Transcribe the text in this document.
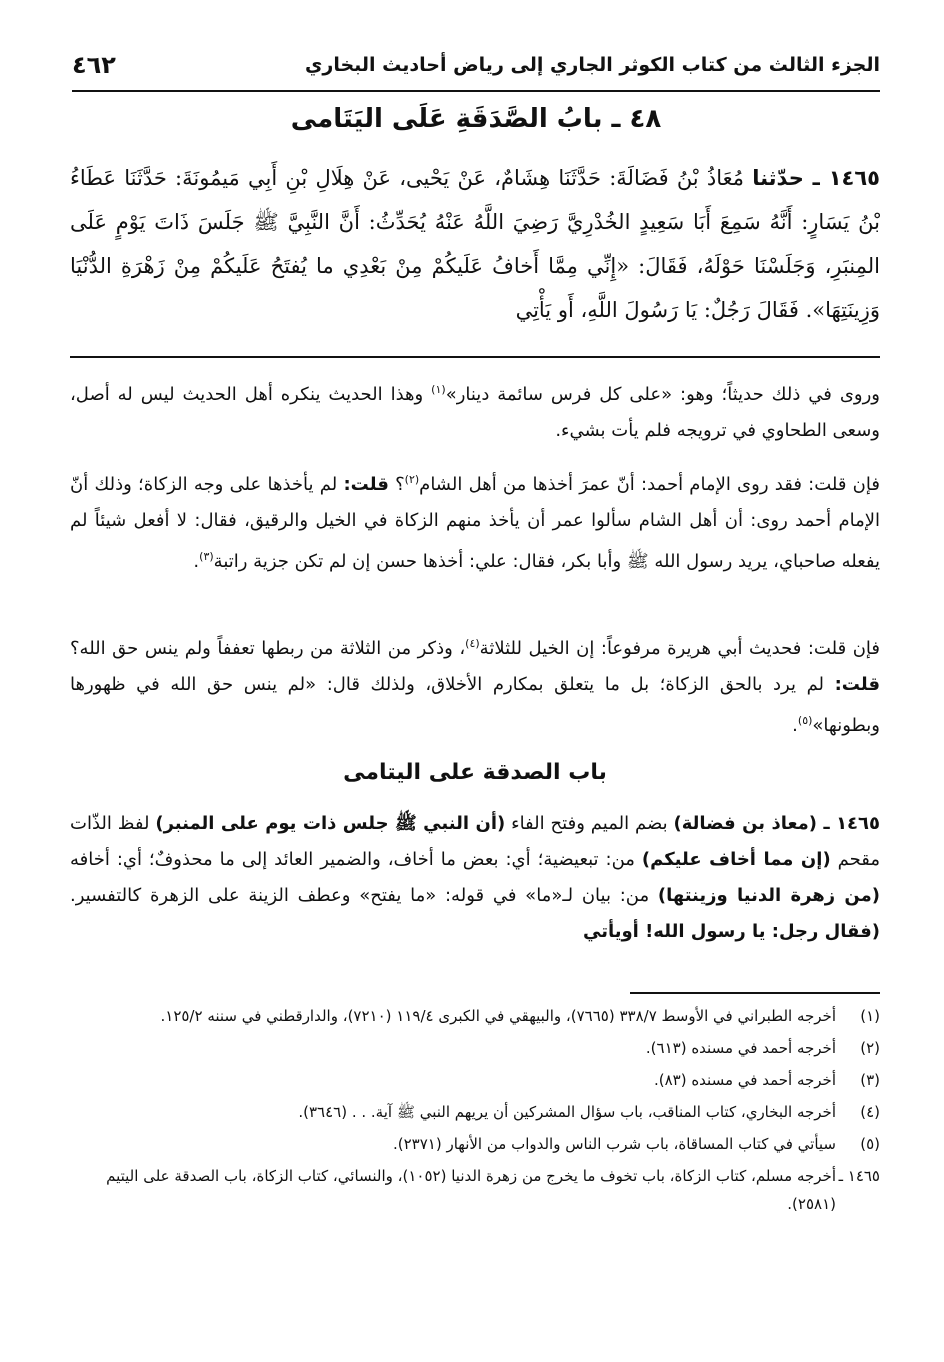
الجزء الثالث من كتاب الكوثر الجاري إلى رياض أحاديث البخاري
٤٦٢
٤٨ ـ بابُ الصَّدَقَةِ عَلَى اليَتَامى
١٤٦٥ ـ حدّثنا مُعَاذُ بْنُ فَضَالَةَ: حَدَّثَنَا هِشَامٌ، عَنْ يَحْيى، عَنْ هِلَالِ بْنِ أَبِي مَيمُونَةَ: حَدَّثَنَا عَطَاءُ بْنُ يَسَارٍ: أَنَّهُ سَمِعَ أَبَا سَعِيدٍ الخُدْرِيَّ رَضِيَ اللَّهُ عَنْهُ يُحَدِّثُ: أَنَّ النَّبِيَّ ﷺ جَلَسَ ذَاتَ يَوْمٍ عَلَى المِنبَرِ، وَجَلَسْنَا حَوْلَهُ، فَقَالَ: «إِنِّي مِمَّا أَخافُ عَلَيكُمْ مِنْ بَعْدِي ما يُفتَحُ عَلَيكُمْ مِنْ زَهْرَةِ الدُّنْيَا وَزِينَتِهَا». فَقَالَ رَجُلٌ: يَا رَسُولَ اللَّهِ، أَو يَأْتِي
وروى في ذلك حديثاً؛ وهو: «على كل فرس سائمة دينار»$^{(١)}$ وهذا الحديث ينكره أهل الحديث ليس له أصل، وسعى الطحاوي في ترويجه فلم يأت بشيء.
فإن قلت: فقد روى الإمام أحمد: أنّ عمرَ أخذها من أهل الشام$^{(٢)}$؟ قلت: لم يأخذها على وجه الزكاة؛ وذلك أنّ الإمام أحمد روى: أن أهل الشام سألوا عمر أن يأخذ منهم الزكاة في الخيل والرقيق، فقال: لا أفعل شيئاً لم يفعله صاحباي، يريد رسول الله ﷺ وأبا بكر، فقال: علي: أخذها حسن إن لم تكن جزية راتبة$^{(٣)}$.
فإن قلت: فحديث أبي هريرة مرفوعاً: إن الخيل للثلاثة$^{(٤)}$، وذكر من الثلاثة من ربطها تعففاً ولم ينس حق الله؟ قلت: لم يرد بالحق الزكاة؛ بل ما يتعلق بمكارم الأخلاق، ولذلك قال: «لم ينس حق الله في ظهورها وبطونها»$^{(٥)}$.
باب الصدقة على اليتامى
١٤٦٥ ـ (معاذ بن فضالة) بضم الميم وفتح الفاء (أن النبي ﷺ جلس ذات يوم على المنبر) لفظ الذّات مقحم (إن مما أخاف عليكم) من: تبعيضية؛ أي: بعض ما أخاف، والضمير العائد إلى ما محذوفٌ؛ أي: أخافه (من زهرة الدنيا وزينتها) من: بيان لـ«ما» في قوله: «ما يفتح» وعطف الزينة على الزهرة كالتفسير. (فقال رجل: يا رسول الله! أويأتي
(١)
أخرجه الطبراني في الأوسط ٣٣٨/٧ (٧٦٦٥)، والبيهقي في الكبرى ١١٩/٤ (٧٢١٠)، والدارقطني في سننه ١٢٥/٢.
(٢)
أخرجه أحمد في مسنده (٦١٣).
(٣)
أخرجه أحمد في مسنده (٨٣).
(٤)
أخرجه البخاري، كتاب المناقب، باب سؤال المشركين أن يريهم النبي ﷺ آية. . . (٣٦٤٦).
(٥)
سيأتي في كتاب المساقاة، باب شرب الناس والدواب من الأنهار (٢٣٧١).
١٤٦٥ ـ
أخرجه مسلم، كتاب الزكاة، باب تخوف ما يخرج من زهرة الدنيا (١٠٥٢)، والنسائي، كتاب الزكاة، باب الصدقة على اليتيم (٢٥٨١).
